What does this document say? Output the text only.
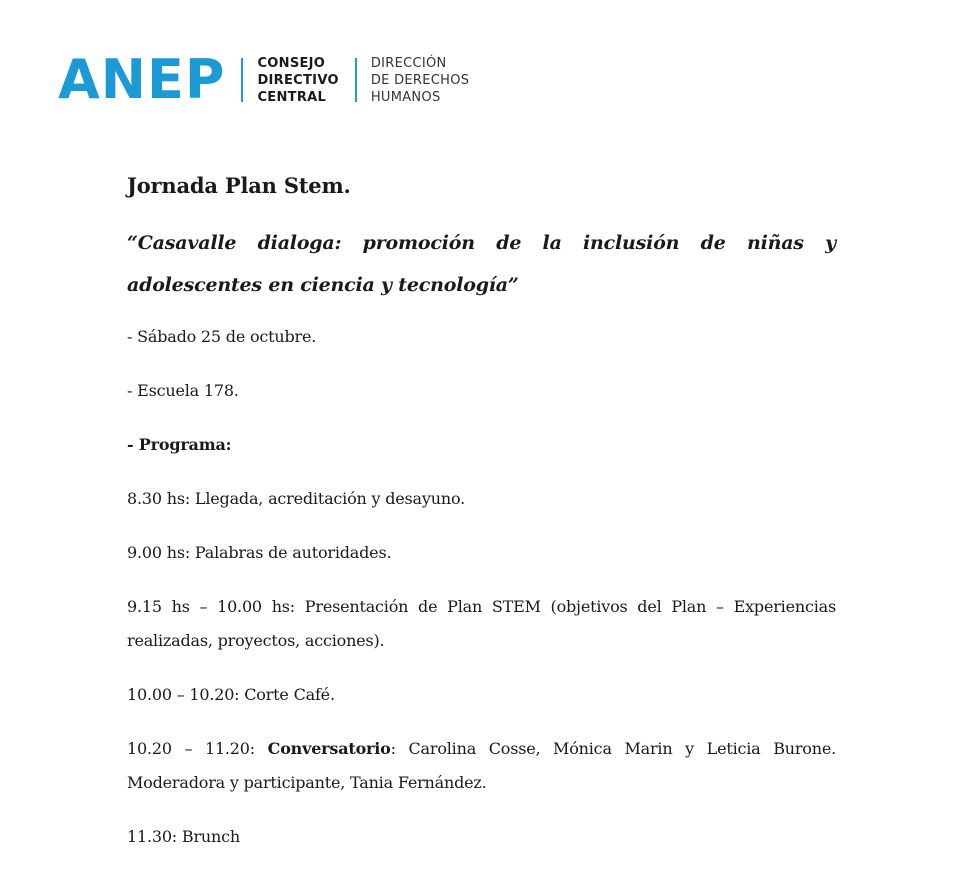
ANEP CONSEJO
DIRECTIVO
CENTRAL
DIRECCIÓN
DE DERECHOS
HUMANOS
Jornada Plan Stem.
“Casavalle dialoga: promoción de la inclusión de niñas y adolescentes en ciencia y tecnología”

- Sábado 25 de octubre.

- Escuela 178.

- Programa:

8.30 hs: Llegada, acreditación y desayuno.

9.00 hs: Palabras de autoridades.

9.15 hs – 10.00 hs: Presentación de Plan STEM (objetivos del Plan – Experiencias realizadas, proyectos, acciones).

10.00 – 10.20: Corte Café.

10.20 – 11.20: Conversatorio: Carolina Cosse, Mónica Marin y Leticia Burone. Moderadora y participante, Tania Fernández.

11.30: Brunch
